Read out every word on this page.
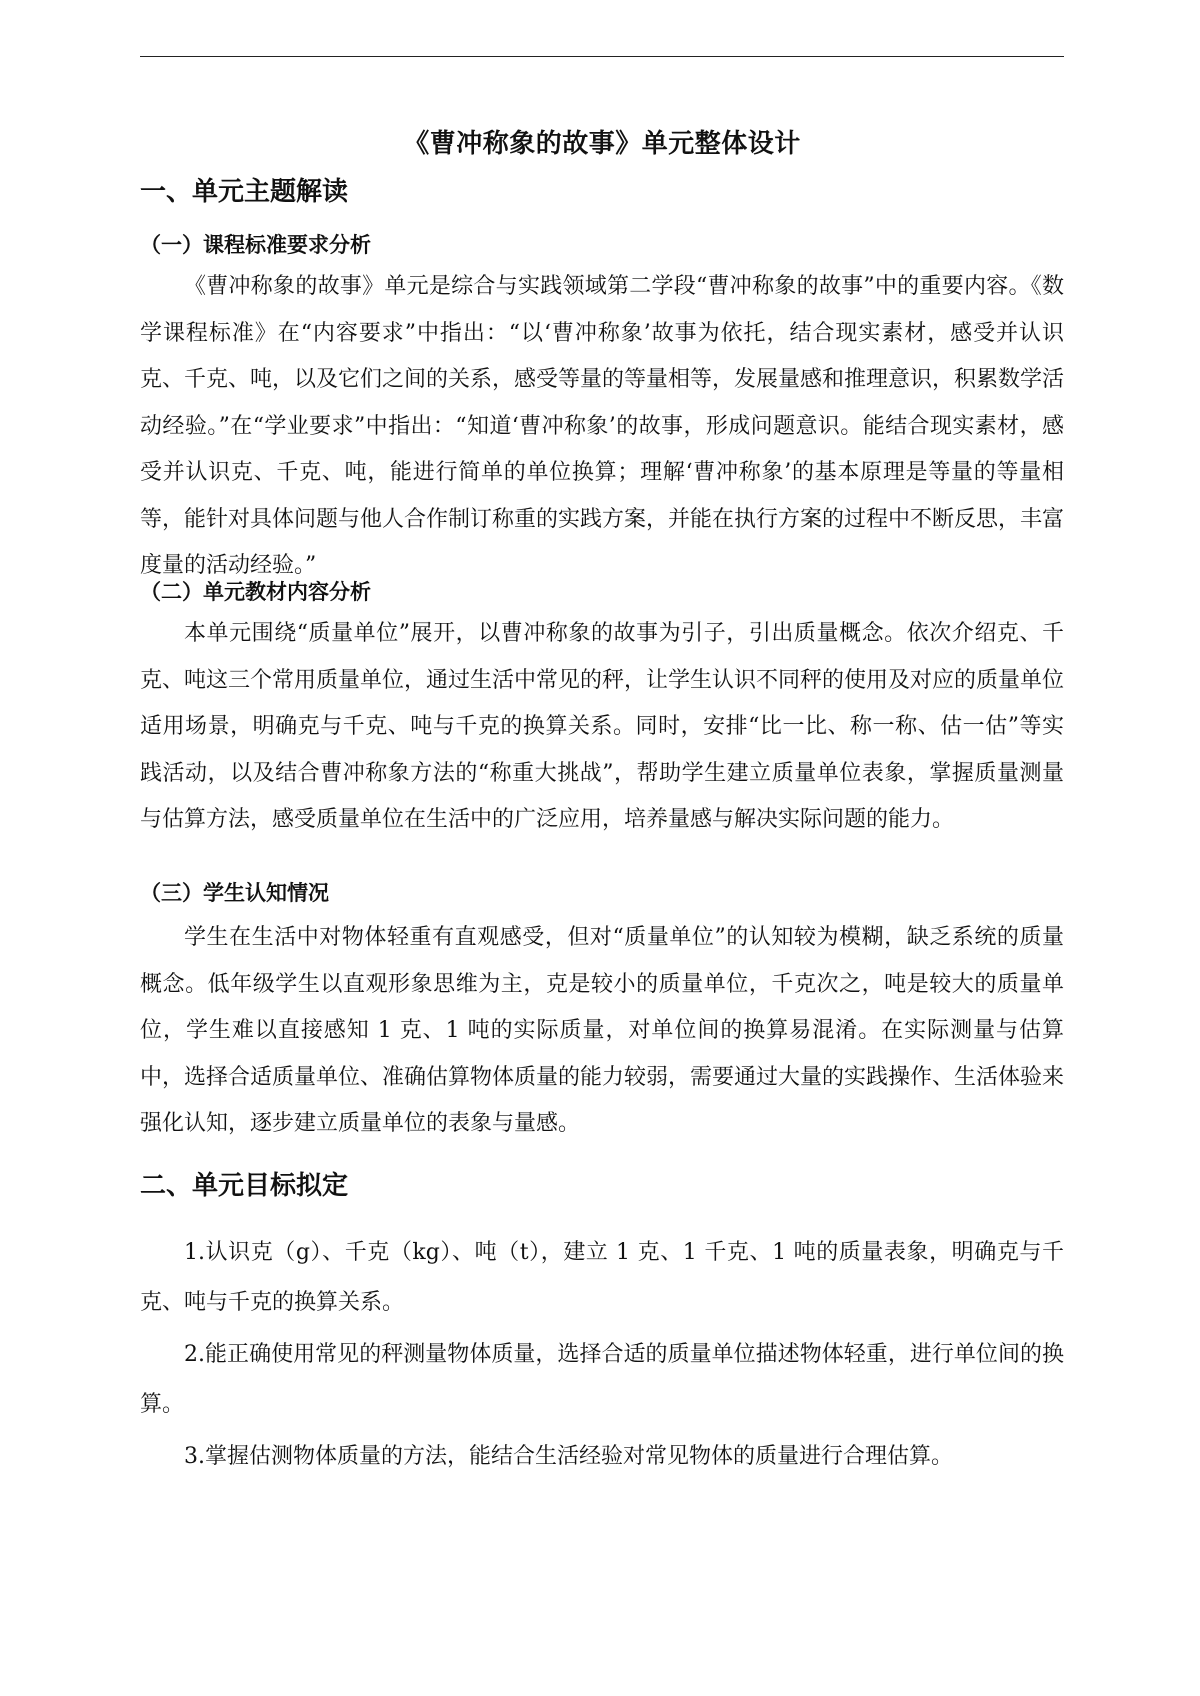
《曹冲称象的故事》单元整体设计
一、单元主题解读
（一）课程标准要求分析

《曹冲称象的故事》单元是综合与实践领域第二学段“曹冲称象的故事”中的重要内容。《数学课程标准》在“内容要求”中指出：“以‘曹冲称象’故事为依托，结合现实素材，感受并认识克、千克、吨，以及它们之间的关系，感受等量的等量相等，发展量感和推理意识，积累数学活动经验。”在“学业要求”中指出：“知道‘曹冲称象’的故事，形成问题意识。能结合现实素材，感受并认识克、千克、吨，能进行简单的单位换算；理解‘曹冲称象’的基本原理是等量的等量相等，能针对具体问题与他人合作制订称重的实践方案，并能在执行方案的过程中不断反思，丰富度量的活动经验。”

（二）单元教材内容分析

本单元围绕“质量单位”展开，以曹冲称象的故事为引子，引出质量概念。依次介绍克、千克、吨这三个常用质量单位，通过生活中常见的秤，让学生认识不同秤的使用及对应的质量单位适用场景，明确克与千克、吨与千克的换算关系。同时，安排“比一比、称一称、估一估”等实践活动，以及结合曹冲称象方法的“称重大挑战”，帮助学生建立质量单位表象，掌握质量测量与估算方法，感受质量单位在生活中的广泛应用，培养量感与解决实际问题的能力。

（三）学生认知情况

学生在生活中对物体轻重有直观感受，但对“质量单位”的认知较为模糊，缺乏系统的质量概念。低年级学生以直观形象思维为主，克是较小的质量单位，千克次之，吨是较大的质量单位，学生难以直接感知 1 克、1 吨的实际质量，对单位间的换算易混淆。在实际测量与估算中，选择合适质量单位、准确估算物体质量的能力较弱，需要通过大量的实践操作、生活体验来强化认知，逐步建立质量单位的表象与量感。

二、单元目标拟定

1.认识克（g）、千克（kg）、吨（t），建立 1 克、1 千克、1 吨的质量表象，明确克与千克、吨与千克的换算关系。

2.能正确使用常见的秤测量物体质量，选择合适的质量单位描述物体轻重，进行单位间的换算。

3.掌握估测物体质量的方法，能结合生活经验对常见物体的质量进行合理估算。
